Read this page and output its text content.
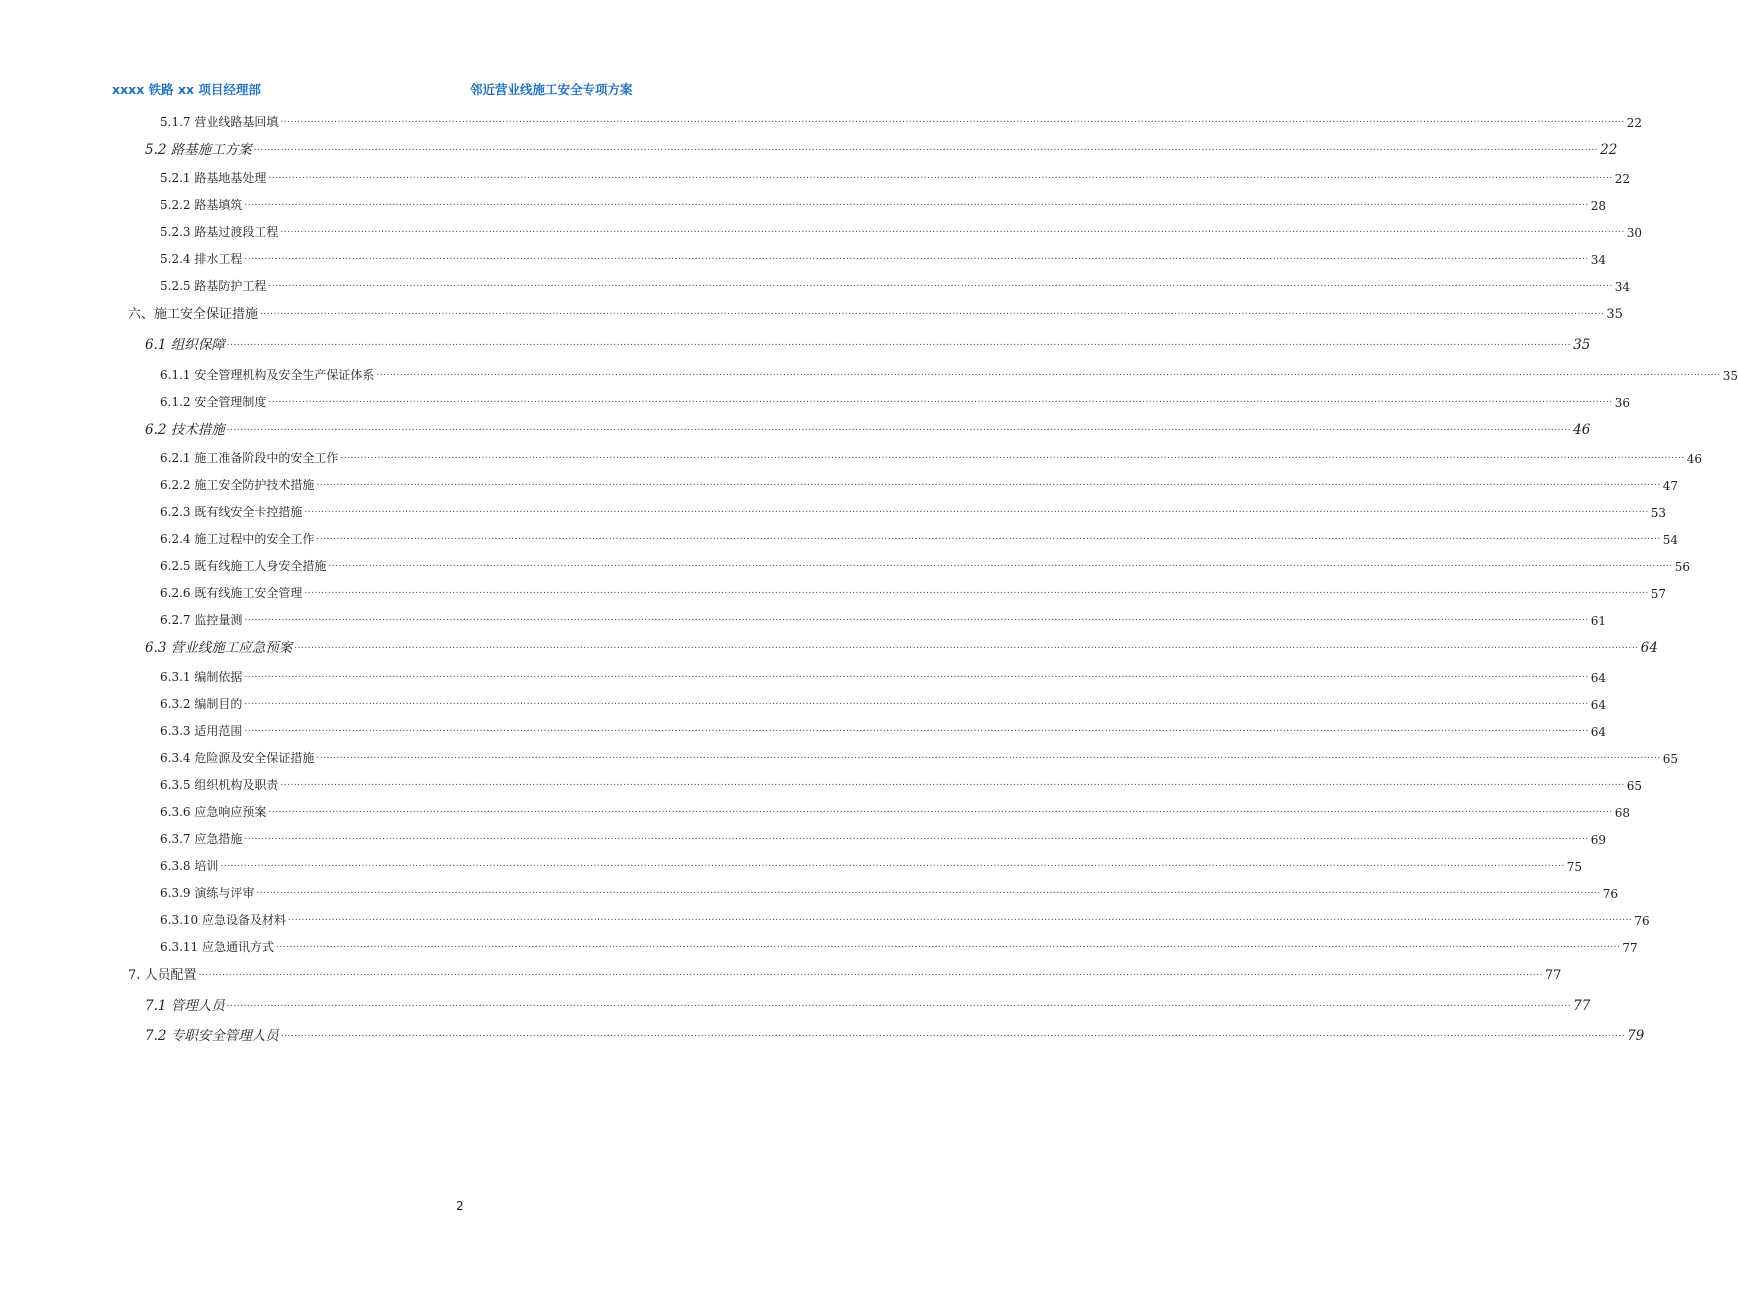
xxxx 铁路 xx 项目经理部	邻近营业线施工安全专项方案
5.1.7 营业线路基回填 ................................................................................................................................................................................................................................................................................................................................................................................................................ 22
5.2 路基施工方案 ................................................................................................................................................................................................................................................................................................................................................................................................................ 22
5.2.1 路基地基处理 ................................................................................................................................................................................................................................................................................................................................................................................................................ 22
5.2.2 路基填筑 ................................................................................................................................................................................................................................................................................................................................................................................................................ 28
5.2.3 路基过渡段工程 ................................................................................................................................................................................................................................................................................................................................................................................................................ 30
5.2.4 排水工程 ................................................................................................................................................................................................................................................................................................................................................................................................................ 34
5.2.5 路基防护工程 ................................................................................................................................................................................................................................................................................................................................................................................................................ 34
六、施工安全保证措施 ................................................................................................................................................................................................................................................................................................................................................................................................................ 35
6.1 组织保障 ................................................................................................................................................................................................................................................................................................................................................................................................................ 35
6.1.1 安全管理机构及安全生产保证体系 ................................................................................................................................................................................................................................................................................................................................................................................................................ 35
6.1.2 安全管理制度 ................................................................................................................................................................................................................................................................................................................................................................................................................ 36
6.2 技术措施 ................................................................................................................................................................................................................................................................................................................................................................................................................ 46
6.2.1 施工准备阶段中的安全工作 ................................................................................................................................................................................................................................................................................................................................................................................................................ 46
6.2.2 施工安全防护技术措施 ................................................................................................................................................................................................................................................................................................................................................................................................................ 47
6.2.3 既有线安全卡控措施 ................................................................................................................................................................................................................................................................................................................................................................................................................ 53
6.2.4 施工过程中的安全工作 ................................................................................................................................................................................................................................................................................................................................................................................................................ 54
6.2.5 既有线施工人身安全措施 ................................................................................................................................................................................................................................................................................................................................................................................................................ 56
6.2.6 既有线施工安全管理 ................................................................................................................................................................................................................................................................................................................................................................................................................ 57
6.2.7 监控量测 ................................................................................................................................................................................................................................................................................................................................................................................................................ 61
6.3 营业线施工应急预案 ................................................................................................................................................................................................................................................................................................................................................................................................................ 64
6.3.1 编制依据 ................................................................................................................................................................................................................................................................................................................................................................................................................ 64
6.3.2 编制目的 ................................................................................................................................................................................................................................................................................................................................................................................................................ 64
6.3.3 适用范围 ................................................................................................................................................................................................................................................................................................................................................................................................................ 64
6.3.4 危险源及安全保证措施 ................................................................................................................................................................................................................................................................................................................................................................................................................ 65
6.3.5 组织机构及职责 ................................................................................................................................................................................................................................................................................................................................................................................................................ 65
6.3.6 应急响应预案 ................................................................................................................................................................................................................................................................................................................................................................................................................ 68
6.3.7 应急措施 ................................................................................................................................................................................................................................................................................................................................................................................................................ 69
6.3.8 培训 ................................................................................................................................................................................................................................................................................................................................................................................................................ 75
6.3.9 演练与评审 ................................................................................................................................................................................................................................................................................................................................................................................................................ 76
6.3.10 应急设备及材料 ................................................................................................................................................................................................................................................................................................................................................................................................................ 76
6.3.11 应急通讯方式 ................................................................................................................................................................................................................................................................................................................................................................................................................ 77
7. 人员配置 ................................................................................................................................................................................................................................................................................................................................................................................................................ 77
7.1 管理人员 ................................................................................................................................................................................................................................................................................................................................................................................................................ 77
7.2 专职安全管理人员 ................................................................................................................................................................................................................................................................................................................................................................................................................ 79
2
